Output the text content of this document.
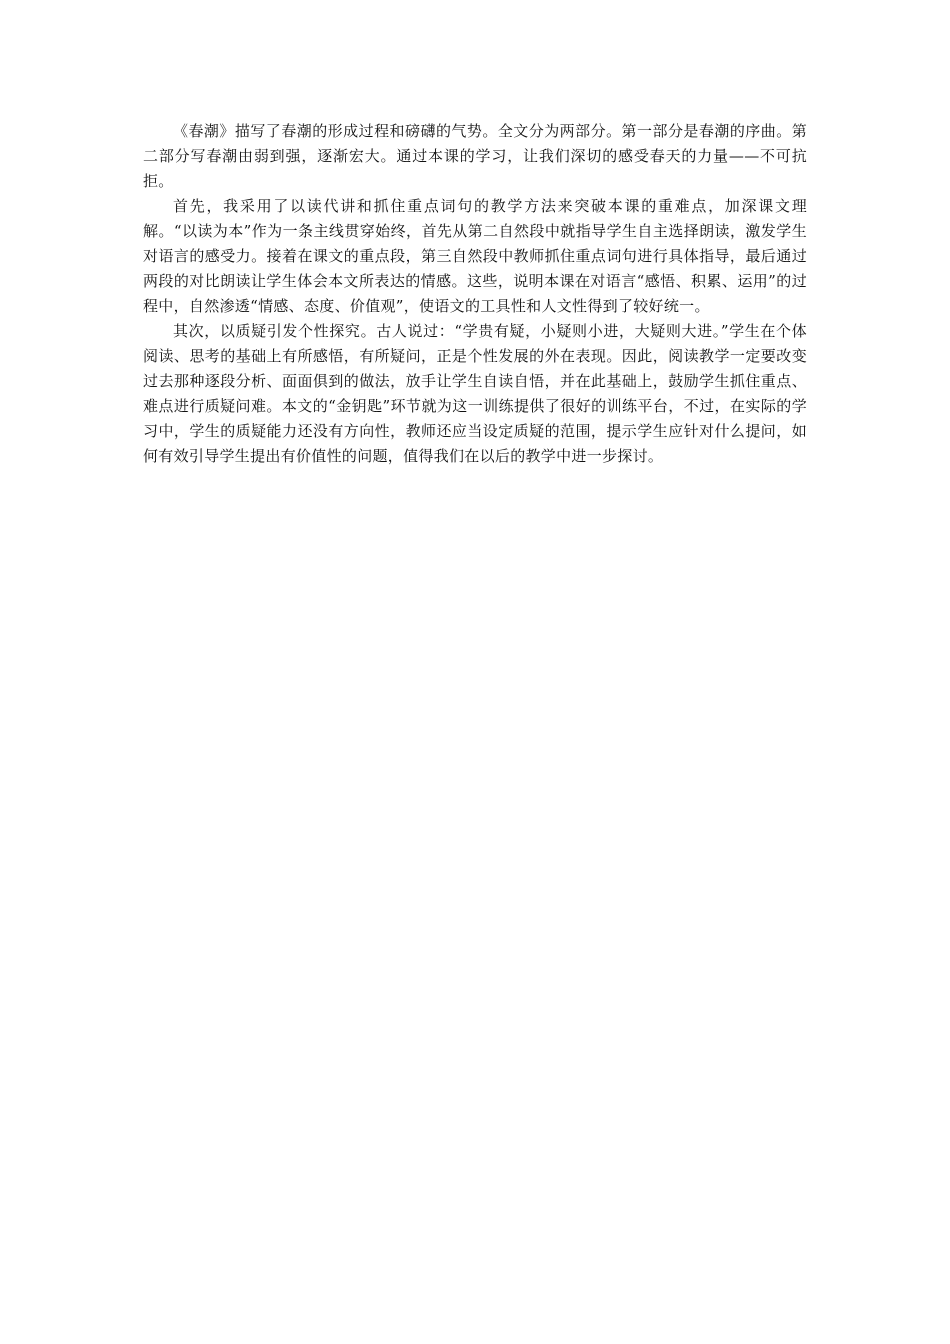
《春潮》描写了春潮的形成过程和磅礴的气势。全文分为两部分。第一部分是春潮的序曲。第二部分写春潮由弱到强，逐渐宏大。通过本课的学习，让我们深切的感受春天的力量——不可抗拒。

首先，我采用了以读代讲和抓住重点词句的教学方法来突破本课的重难点，加深课文理解。“以读为本”作为一条主线贯穿始终，首先从第二自然段中就指导学生自主选择朗读，激发学生对语言的感受力。接着在课文的重点段，第三自然段中教师抓住重点词句进行具体指导，最后通过两段的对比朗读让学生体会本文所表达的情感。这些，说明本课在对语言“感悟、积累、运用”的过程中，自然渗透“情感、态度、价值观”，使语文的工具性和人文性得到了较好统一。

其次，以质疑引发个性探究。古人说过：“学贵有疑，小疑则小进，大疑则大进。”学生在个体阅读、思考的基础上有所感悟，有所疑问，正是个性发展的外在表现。因此，阅读教学一定要改变过去那种逐段分析、面面俱到的做法，放手让学生自读自悟，并在此基础上，鼓励学生抓住重点、难点进行质疑问难。本文的“金钥匙”环节就为这一训练提供了很好的训练平台，不过，在实际的学习中，学生的质疑能力还没有方向性，教师还应当设定质疑的范围，提示学生应针对什么提问，如何有效引导学生提出有价值性的问题，值得我们在以后的教学中进一步探讨。
